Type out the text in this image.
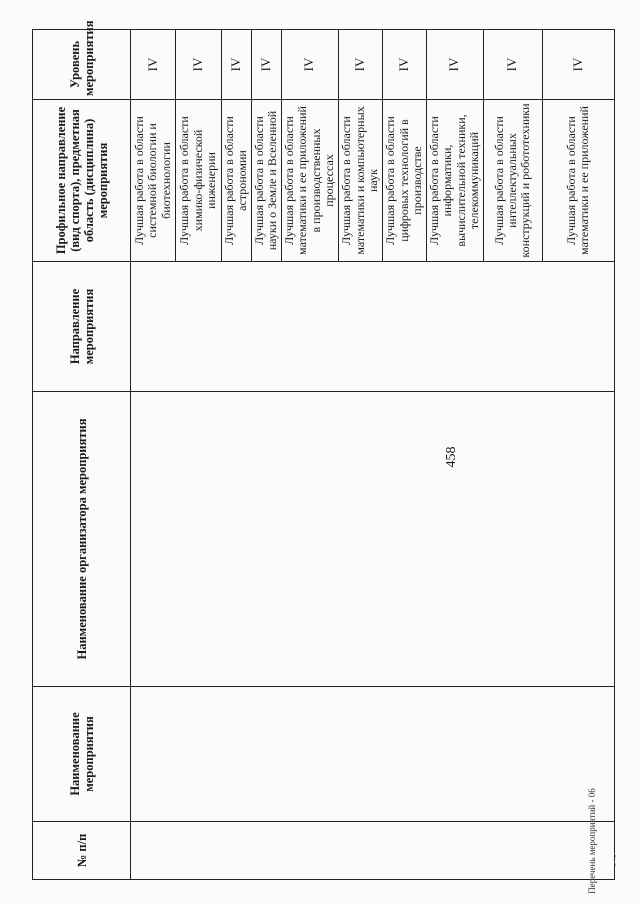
458
№ п/п	Наименование мероприятия	Наименование организатора мероприятия	Направление мероприятия	Профильное направление (вид спорта), предметная область (дисциплина) мероприятия	Уровень мероприятия
				Лучшая работа в области системной биологии и биотехнологии	IV
				Лучшая работа в области химико-физической инженерии	IV
				Лучшая работа в области астрономии	IV
				Лучшая работа в области науки о Земле и Вселенной	IV
				Лучшая работа в области математики и ее приложений в производственных процессах	IV
				Лучшая работа в области математики и компьютерных наук	IV
				Лучшая работа в области цифровых технологий в производстве	IV
				Лучшая работа в области информатики, вычислительной техники, телекоммуникаций	IV
				Лучшая работа в области интеллектуальных конструкций и робототехники	IV
				Лучшая работа в области математики и ее приложений	IV
Перечень мероприятий - 06 ⸝ ⸍
